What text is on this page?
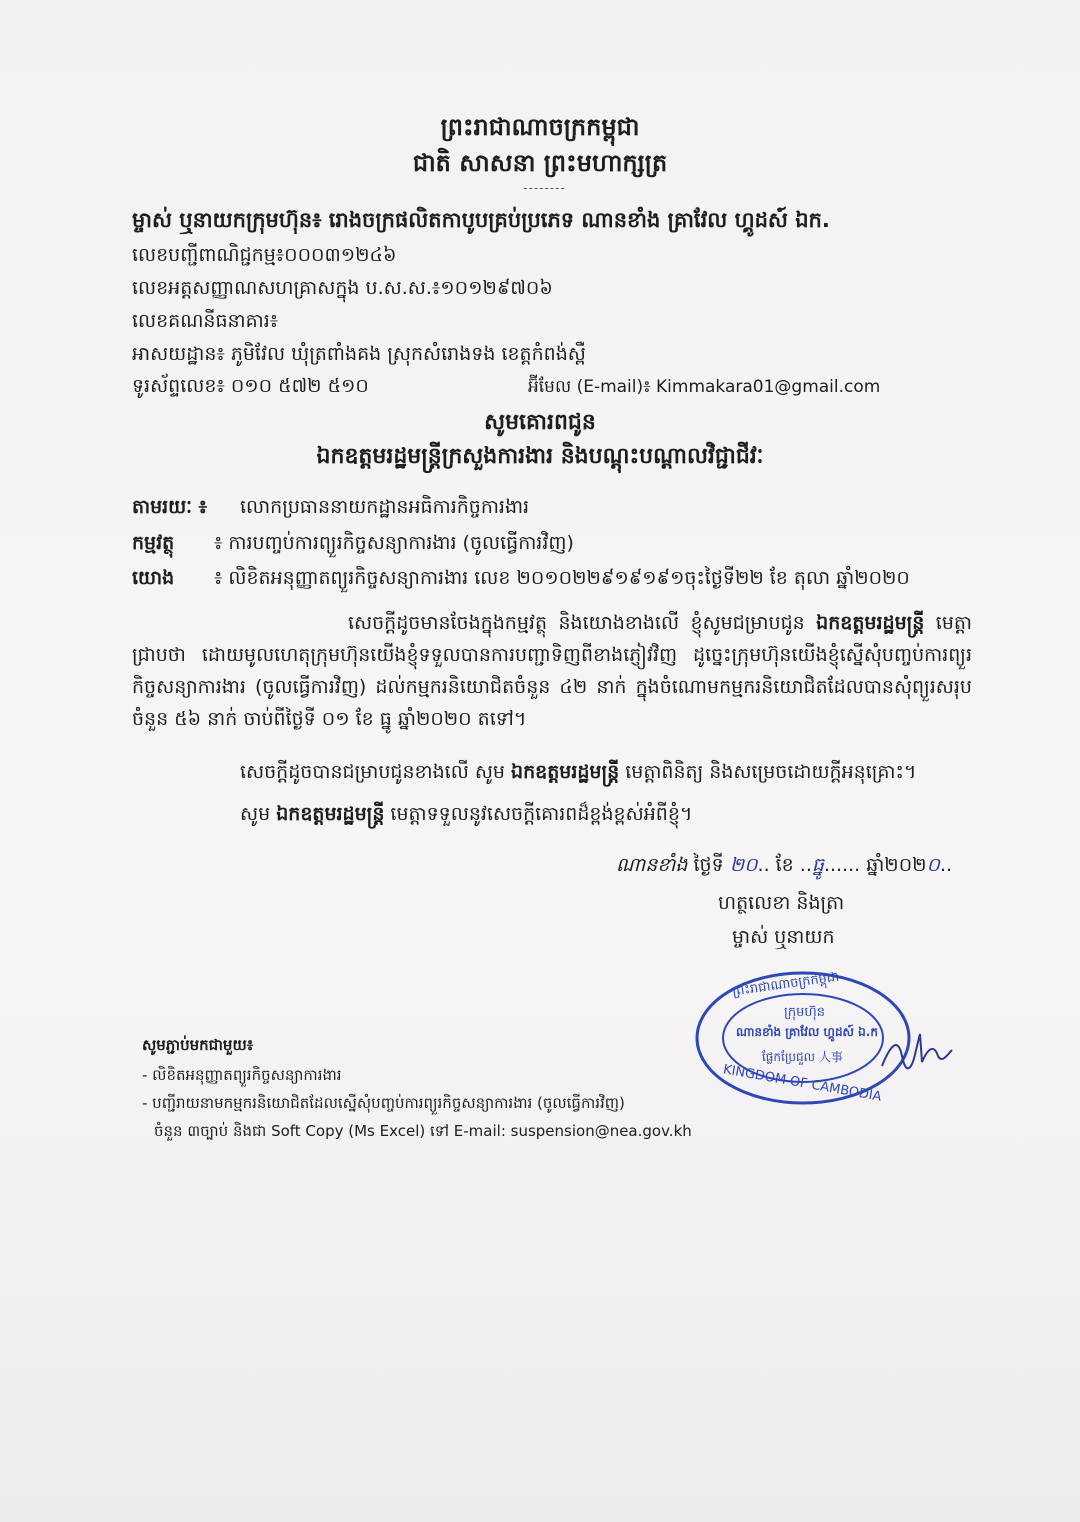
ព្រះរាជាណាចក្រកម្ពុជា
ជាតិ សាសនា ព្រះមហាក្សត្រ
ម្ចាស់ ឬនាយកក្រុមហ៊ុន៖ រោងចក្រផលិតកាបូបគ្រប់ប្រភេទ ណានខាំង គ្រាវែល ហ្គូដស៍ ឯក.
លេខបញ្ជីពាណិជ្ជកម្ម៖០០០៣១២៤៦
លេខអត្តសញ្ញាណសហគ្រាសក្នុង ប.ស.ស.៖១០១២៩៧០៦
លេខគណនីធនាគារ៖
អាសយដ្ឋាន៖ ភូមិវែល ឃុំត្រពាំងគង ស្រុកសំរោងទង ខេត្តកំពង់ស្ពឺ
ទូរស័ព្ទលេខ៖ ០១០ ៥៧២ ៥១០	អ៊ីមែល (E-mail)៖ Kimmakara01@gmail.com
សូមគោរពជូន
ឯកឧត្តមរដ្ឋមន្ត្រីក្រសួងការងារ និងបណ្តុះបណ្តាលវិជ្ជាជីវៈ
តាមរយៈ ៖ លោកប្រធាននាយកដ្ឋានអធិការកិច្ចការងារ
កម្មវត្ថុ ៖ ការបញ្ចប់ការព្យួរកិច្ចសន្យាការងារ (ចូលធ្វើការវិញ)
យោង ៖ លិខិតអនុញ្ញាតព្យួរកិច្ចសន្យាការងារ លេខ ២០១០២២៩១៩១៩១ចុះថ្ងៃទី២២ ខែ តុលា ឆ្នាំ២០២០
សេចក្តីដូចមានចែងក្នុងកម្មវត្ថុ និងយោងខាងលើ ខ្ញុំសូមជម្រាបជូន ឯកឧត្តមរដ្ឋមន្ត្រី មេត្តាជ្រាបថា ដោយមូលហេតុក្រុមហ៊ុនយើងខ្ញុំទទួលបានការបញ្ជាទិញពីខាងភ្ញៀវវិញ ដូច្នេះក្រុមហ៊ុនយើងខ្ញុំស្នើសុំបញ្ចប់ការព្យួរកិច្ចសន្យាការងារ (ចូលធ្វើការវិញ) ដល់កម្មករនិយោជិតចំនួន ៤២ នាក់ ក្នុងចំណោមកម្មករនិយោជិតដែលបានសុំព្យួរសរុបចំនួន ៥៦ នាក់ ចាប់ពីថ្ងៃទី ០១ ខែ ធ្នូ ឆ្នាំ២០២០ តទៅ។
សេចក្តីដូចបានជម្រាបជូនខាងលើ សូម ឯកឧត្តមរដ្ឋមន្ត្រី មេត្តាពិនិត្យ និងសម្រេចដោយក្តីអនុគ្រោះ។
សូម ឯកឧត្តមរដ្ឋមន្ត្រី មេត្តាទទួលនូវសេចក្តីគោរពដ៏ខ្ពង់ខ្ពស់អំពីខ្ញុំ។
ណានខាំង ថ្ងៃទី ២០.. ខែ ..ធ្នូ...... ឆ្នាំ២០២០..
ហត្ថលេខា និងត្រា
ម្ចាស់ ឬនាយក
ព្រះរាជាណាចក្រកម្ពុជា
ក្រុមហ៊ុន
ណានខាំង គ្រាវែល ហ្គូដស៍ ឯ.ក
ផ្លែកប្រែជួល 人事
KINGDOM OF CAMBODIA
សូមភ្ជាប់មកជាមួយ៖
- លិខិតអនុញ្ញាតព្យួរកិច្ចសន្យាការងារ
- បញ្ជីរាយនាមកម្មករនិយោជិតដែលស្នើសុំបញ្ចប់ការព្យួរកិច្ចសន្យាការងារ (ចូលធ្វើការវិញ)
ចំនួន ៣ច្បាប់ និងជា Soft Copy (Ms Excel) ទៅ E-mail: suspension@nea.gov.kh
